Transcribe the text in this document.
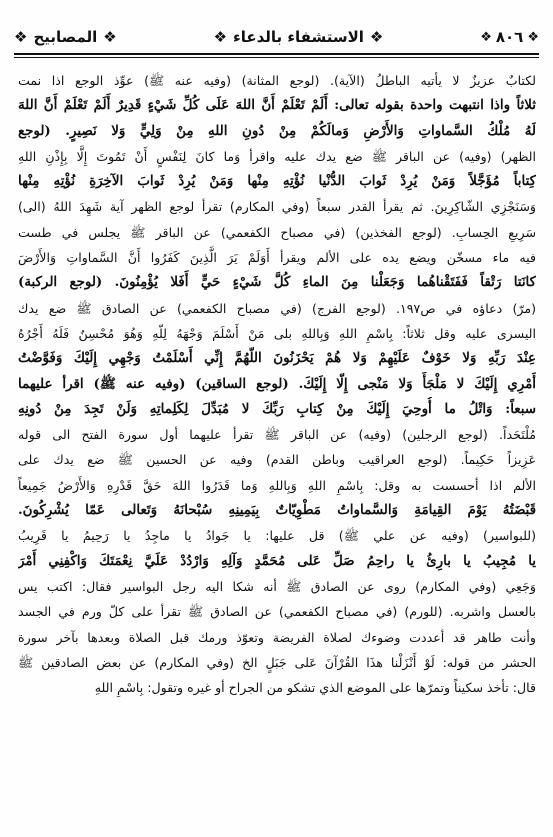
❖
٨٠٦
❖
❖
الاستشفاء بالدعاء
❖
❖
المصابيح
❖
لكتابٌ عزيزٌ لا يأتيه الباطلُ (الآية). (لوجع المثانة) (وفيه عنه ﷺ) عوِّذ الوجع اذا نمت
ثلاثاً واذا انتبهت واحدة بقوله تعالى: أَلَمْ تَعْلَمْ أَنَّ اللهَ عَلَى كُلِّ شَيْءٍ قَدِيرٌ أَلَمْ تَعْلَمْ أَنَّ اللهَ
لَهُ مُلْكُ السَّماواتِ وَالأَرْضِ وَمالَكُمْ مِنْ دُونِ اللهِ مِنْ وَلِيٍّ وَلا نَصِيرٍ. (لوجع
الظهر) (وفيه) عن الباقر ﷺ ضع يدك عليه واقرأ وَما كانَ لِنَفْسٍ أَنْ تَمُوتَ إِلَّا بِإِذْنِ اللهِ
كِتاباً مُؤَجَّلاً وَمَنْ يُرِدْ ثَوابَ الدُّنْيا نُؤْتِهِ مِنْها وَمَنْ يُرِدْ ثَوابَ الآخِرَةِ نُؤْتِهِ مِنْها
وَسَنَجْزِي الشّاكِرِينَ. ثم يقرأ القدر سبعاً (وفي المكارم) تقرأ لوجع الظهر آية شَهِدَ اللهُ (الى)
سَرِيعِ الحِسابِ. (لوجع الفخذين) (في مصباح الكفعمي) عن الباقر ﷺ يجلس في طست
فيه ماء مسخّن ويضع يده على الألم ويقرأ أَوَلَمْ يَرَ الَّذِينَ كَفَرُوا أَنَّ السَّماواتِ وَالأَرْضَ
كانَتا رَتْقاً فَفَتَقْناهُما وَجَعَلْنا مِنَ الماءِ كُلَّ شَيْءٍ حَيٍّ أَفَلا يُؤْمِنُونَ. (لوجع الركبة)
(مرّ) دعاؤه في ص١٩٧. (لوجع الفرج) (في مصباح الكفعمي) عن الصادق ﷺ ضع يدك
اليسرى عليه وقل ثلاثاً: بِاسْمِ اللهِ وَبِاللهِ بلى مَنْ أَسْلَمَ وَجْهَهُ لِلّهِ وَهُوَ مُحْسِنٌ فَلَهُ أَجْرُهُ
عِنْدَ رَبِّهِ وَلا خَوْفٌ عَلَيْهِمْ وَلا هُمْ يَحْزَنُونَ اللّهُمَّ إِنِّي أَسْلَمْتُ وَجْهِي إِلَيْكَ وَفَوَّضْتُ
أَمْرِي إِلَيْكَ لا مَلْجَأَ وَلا مَنْجى إِلّا إِلَيْكَ. (لوجع الساقين) (وفيه عنه ﷺ) اقرأ عليهما
سبعاً: وَاتْلُ ما أُوحِيَ إِلَيْكَ مِنْ كِتابِ رَبِّكَ لا مُبَدِّلَ لِكَلِماتِهِ وَلَنْ تَجِدَ مِنْ دُونِهِ
مُلْتَحَداً. (لوجع الرجلين) (وفيه) عن الباقر ﷺ تقرأ عليهما أول سورة الفتح الى قوله
عَزِيزاً حَكِيماً. (لوجع العراقيب وباطن القدم) وفيه عن الحسين ﷺ ضع يدك على
الألم اذا أحسست به وقل: بِاسْمِ اللهِ وَبِاللهِ وَما قَدَرُوا اللهَ حَقَّ قَدْرِهِ وَالأَرْضُ جَمِيعاً
قَبْضَتُهُ يَوْمَ القِيامَةِ وَالسَّماواتُ مَطْوِيّاتٌ بِيَمِينِهِ سُبْحانَهُ وَتَعالى عَمّا يُشْرِكُونَ.
(للبواسير) (وفيه عن علي ﷺ) قل عليها: يا جَوادُ يا ماجِدُ يا رَحِيمُ يا قَرِيبُ
يا مُجِيبُ يا بارِئُ يا راحِمُ صَلِّ عَلى مُحَمَّدٍ وَآلِهِ وَارْدُدْ عَلَيَّ نِعْمَتَكَ وَاكْفِنِي أَمْرَ
وَجَعِي (وفي المكارم) روى عن الصادق ﷺ أنه شكا اليه رجل البواسير فقال: اكتب يس
بالعسل واشربه. (للورم) (في مصباح الكفعمي) عن الصادق ﷺ تقرأ على كلّ ورم في الجسد
وأنت طاهر قد أعددت وضوءك لصلاة الفريضة وتعوّذ ورمك قبل الصلاة وبعدها بآخر سورة
الحشر من قوله: لَوْ أَنْزَلْنا هذَا القُرْآنَ عَلى جَبَلٍ الخ (وفي المكارم) عن بعض الصادقين ﷺ
قال: تأخذ سكيناً وتمرّها على الموضع الذي تشكو من الجراح أو غيره وتقول: بِاسْمِ اللهِ
